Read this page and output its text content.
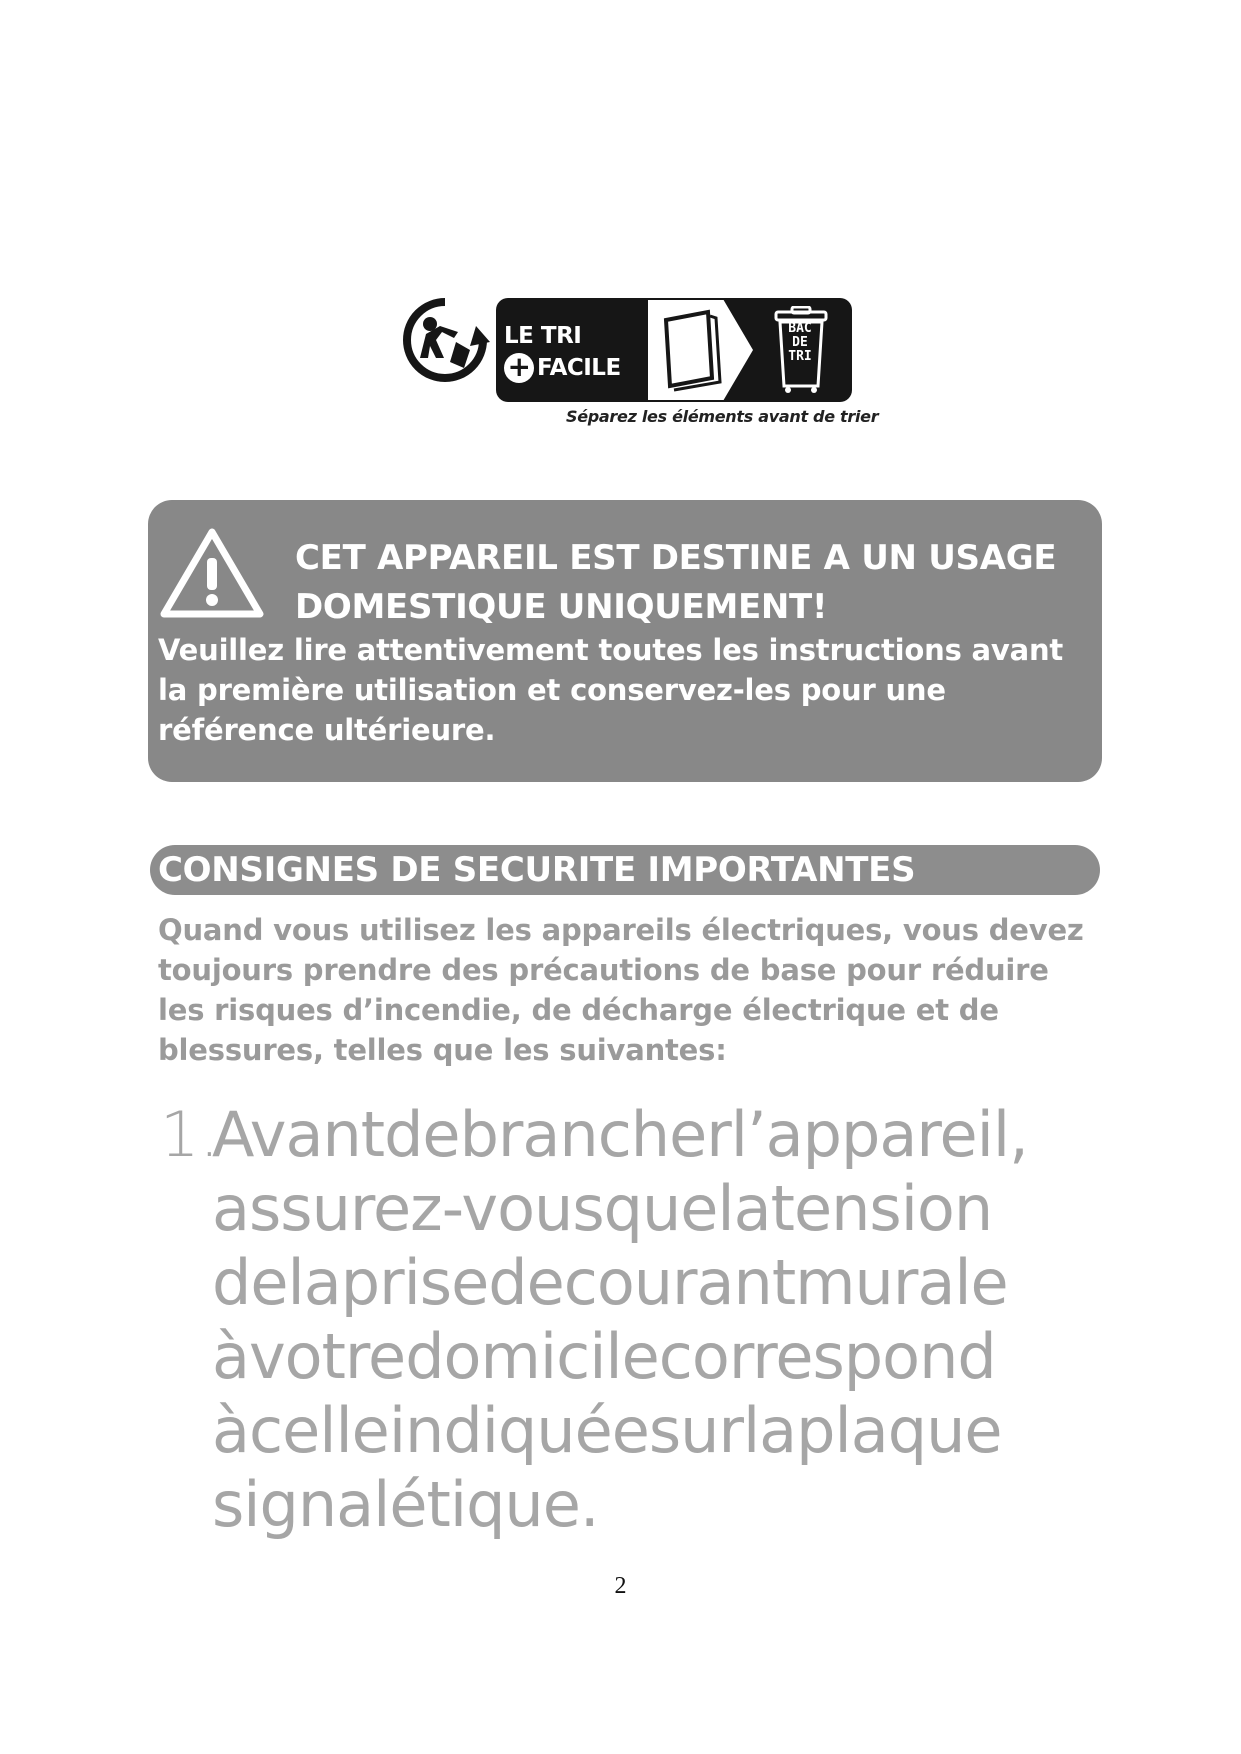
LE TRI
+ FACILE
BAC
DE
TRI
Séparez les éléments avant de trier
CET APPAREIL EST DESTINE A UN USAGE
DOMESTIQUE UNIQUEMENT!
Veuillez lire attentivement toutes les instructions avant la première utilisation et conservez-les pour une référence ultérieure.
CONSIGNES DE SECURITE IMPORTANTES
Quand vous utilisez les appareils électriques, vous devez toujours prendre des précautions de base pour réduire les risques d’incendie, de décharge électrique et de blessures, telles que les suivantes:
1.
Avantdebrancherl’appareil,
assurez-vousquelatension
delaprisedecourantmurale
àvotredomicilecorrespond
àcelleindiquéesurlaplaque
signalétique.
2
